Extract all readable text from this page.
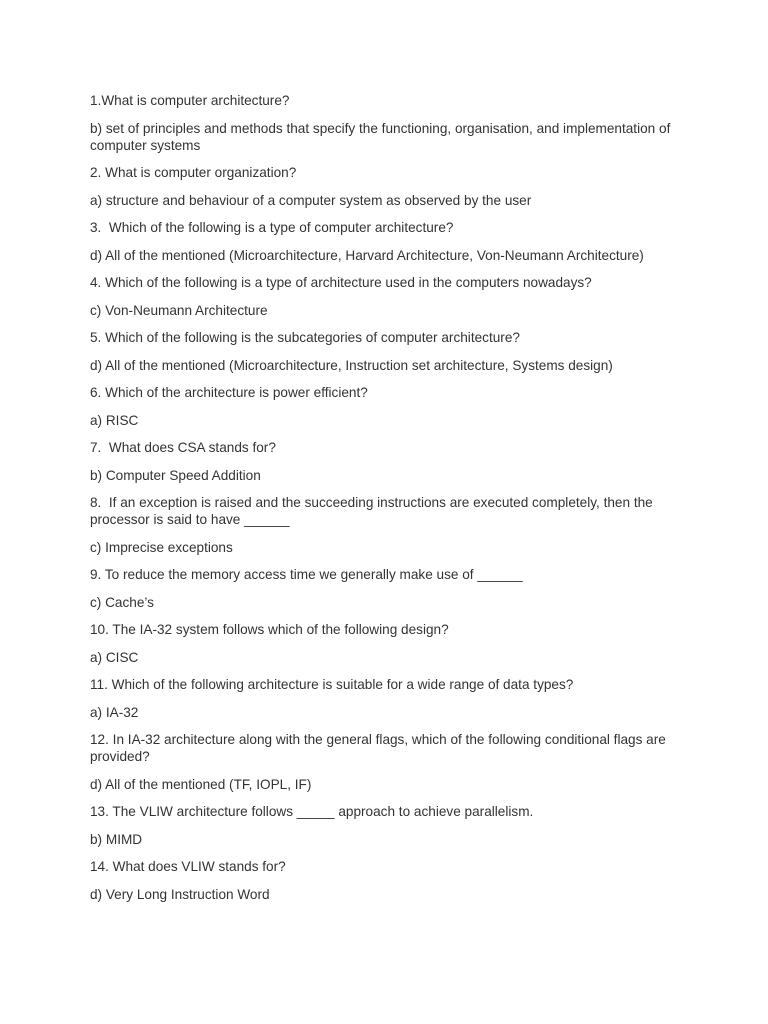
1.What is computer architecture?

b) set of principles and methods that specify the functioning, organisation, and implementation of computer systems

2. What is computer organization?

a) structure and behaviour of a computer system as observed by the user

3.  Which of the following is a type of computer architecture?

d) All of the mentioned (Microarchitecture, Harvard Architecture, Von-Neumann Architecture)

4. Which of the following is a type of architecture used in the computers nowadays?

c) Von-Neumann Architecture

5. Which of the following is the subcategories of computer architecture?

d) All of the mentioned (Microarchitecture, Instruction set architecture, Systems design)

6. Which of the architecture is power efficient?

a) RISC

7.  What does CSA stands for?

b) Computer Speed Addition

8.  If an exception is raised and the succeeding instructions are executed completely, then the processor is said to have ______

c) Imprecise exceptions

9. To reduce the memory access time we generally make use of ______

c) Cache’s

10. The IA-32 system follows which of the following design?

a) CISC

11. Which of the following architecture is suitable for a wide range of data types?

a) IA-32

12. In IA-32 architecture along with the general flags, which of the following conditional flags are provided?

d) All of the mentioned (TF, IOPL, IF)

13. The VLIW architecture follows _____ approach to achieve parallelism.

b) MIMD

14. What does VLIW stands for?

d) Very Long Instruction Word
